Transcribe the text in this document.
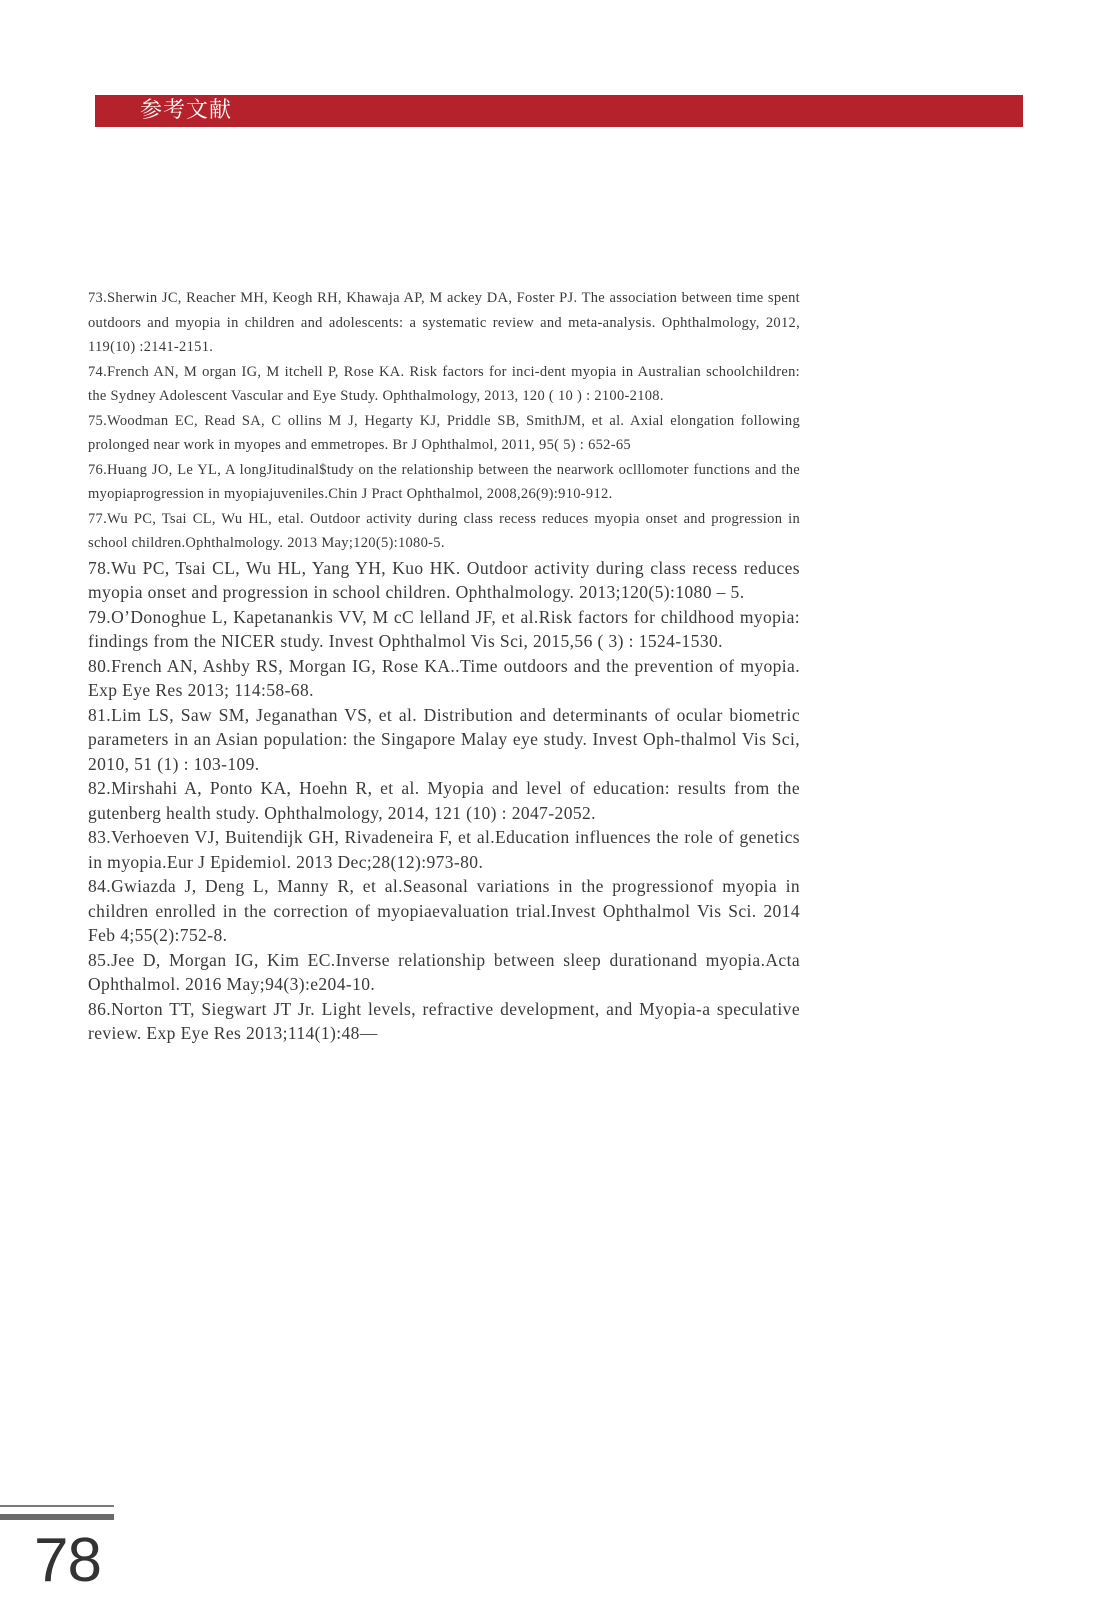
参考文献

73.Sherwin JC, Reacher MH, Keogh RH, Khawaja AP, M ackey DA, Foster PJ. The association between time spent outdoors and myopia in children and adolescents: a systematic review and meta-analysis. Ophthalmology, 2012, 119(10) :2141-2151.

74.French AN, M organ IG, M itchell P, Rose KA. Risk factors for inci-dent myopia in Australian schoolchildren: the Sydney Adolescent Vascular and Eye Study. Ophthalmology, 2013, 120 ( 10 ) : 2100-2108.

75.Woodman EC, Read SA, C ollins M J, Hegarty KJ, Priddle SB, SmithJM, et al. Axial elongation following prolonged near work in myopes and emmetropes. Br J Ophthalmol, 2011, 95( 5) : 652-65

76.Huang JO, Le YL, A longJitudinal$tudy on the relationship between the nearwork oclllomoter functions and the myopiaprogression in myopiajuveniles.Chin J Pract Ophthalmol, 2008,26(9):910-912.

77.Wu PC, Tsai CL, Wu HL, etal. Outdoor activity during class recess reduces myopia onset and progression in school children.Ophthalmology. 2013 May;120(5):1080-5.

78.Wu PC, Tsai CL, Wu HL, Yang YH, Kuo HK. Outdoor activity during class recess reduces myopia onset and progression in school children. Ophthalmology. 2013;120(5):1080 – 5.

79.O’Donoghue L, Kapetanankis VV, M cC lelland JF, et al.Risk factors for childhood myopia: findings from the NICER study. Invest Ophthalmol Vis Sci, 2015,56 ( 3) : 1524-1530.

80.French AN, Ashby RS, Morgan IG, Rose KA..Time outdoors and the prevention of myopia. Exp Eye Res 2013; 114:58-68.

81.Lim LS, Saw SM, Jeganathan VS, et al. Distribution and determinants of ocular biometric parameters in an Asian population: the Singapore Malay eye study. Invest Oph-thalmol Vis Sci, 2010, 51 (1) : 103-109.

82.Mirshahi A, Ponto KA, Hoehn R, et al. Myopia and level of education: results from the gutenberg health study. Ophthalmology, 2014, 121 (10) : 2047-2052.

83.Verhoeven VJ, Buitendijk GH, Rivadeneira F, et al.Education influences the role of genetics in myopia.Eur J Epidemiol. 2013 Dec;28(12):973-80.

84.Gwiazda J, Deng L, Manny R, et al.Seasonal variations in the progressionof myopia in children enrolled in the correction of myopiaevaluation trial.Invest Ophthalmol Vis Sci. 2014 Feb 4;55(2):752-8.

85.Jee D, Morgan IG, Kim EC.Inverse relationship between sleep durationand myopia.Acta Ophthalmol. 2016 May;94(3):e204-10.

86.Norton TT, Siegwart JT Jr. Light levels, refractive development, and Myopia-a speculative review. Exp Eye Res 2013;114(1):48—

78
